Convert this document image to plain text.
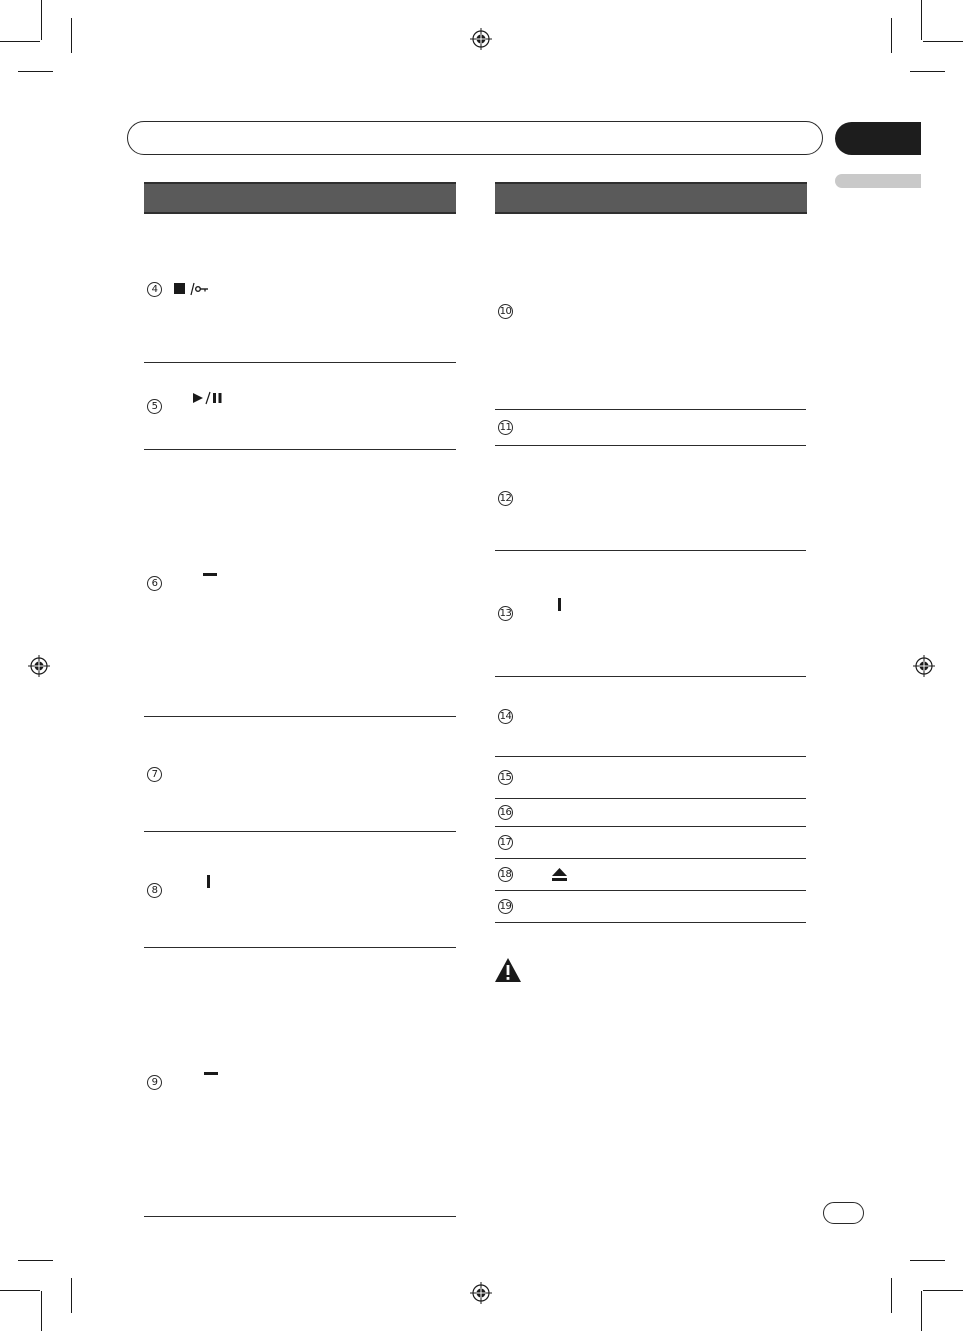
4
5
6
7
8
9
10
11
12
13
14
15
16
17
18
19
